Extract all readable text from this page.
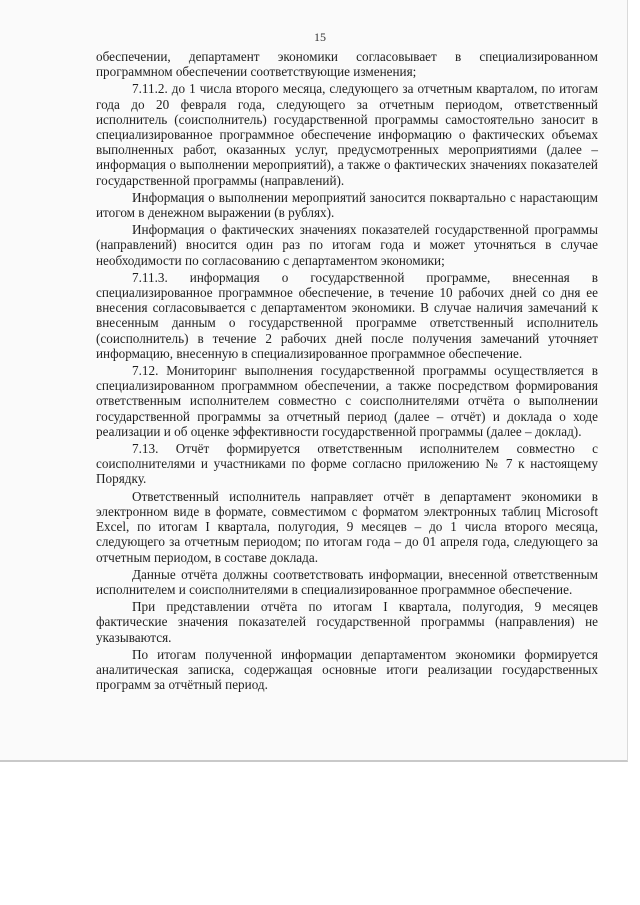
15

обеспечении, департамент экономики согласовывает в специализированном программном обеспечении соответствующие изменения;

7.11.2. до 1 числа второго месяца, следующего за отчетным кварталом, по итогам года до 20 февраля года, следующего за отчетным периодом, ответственный исполнитель (соисполнитель) государственной программы самостоятельно заносит в специализированное программное обеспечение информацию о фактических объемах выполненных работ, оказанных услуг, предусмотренных мероприятиями (далее – информация о выполнении мероприятий), а также о фактических значениях показателей государственной программы (направлений).

Информация о выполнении мероприятий заносится поквартально с нарастающим итогом в денежном выражении (в рублях).

Информация о фактических значениях показателей государственной программы (направлений) вносится один раз по итогам года и может уточняться в случае необходимости по согласованию с департаментом экономики;

7.11.3. информация о государственной программе, внесенная в специализированное программное обеспечение, в течение 10 рабочих дней со дня ее внесения согласовывается с департаментом экономики. В случае наличия замечаний к внесенным данным о государственной программе ответственный исполнитель (соисполнитель) в течение 2 рабочих дней после получения замечаний уточняет информацию, внесенную в специализированное программное обеспечение.

7.12. Мониторинг выполнения государственной программы осуществляется в специализированном программном обеспечении, а также посредством формирования ответственным исполнителем совместно с соисполнителями отчёта о выполнении государственной программы за отчетный период (далее – отчёт) и доклада о ходе реализации и об оценке эффективности государственной программы (далее – доклад).

7.13. Отчёт формируется ответственным исполнителем совместно с соисполнителями и участниками по форме согласно приложению № 7 к настоящему Порядку.

Ответственный исполнитель направляет отчёт в департамент экономики в электронном виде в формате, совместимом с форматом электронных таблиц Microsoft Excel, по итогам I квартала, полугодия, 9 месяцев – до 1 числа второго месяца, следующего за отчетным периодом; по итогам года – до 01 апреля года, следующего за отчетным периодом, в составе доклада.

Данные отчёта должны соответствовать информации, внесенной ответственным исполнителем и соисполнителями в специализированное программное обеспечение.

При представлении отчёта по итогам I квартала, полугодия, 9 месяцев фактические значения показателей государственной программы (направления) не указываются.

По итогам полученной информации департаментом экономики формируется аналитическая записка, содержащая основные итоги реализации государственных программ за отчётный период.
